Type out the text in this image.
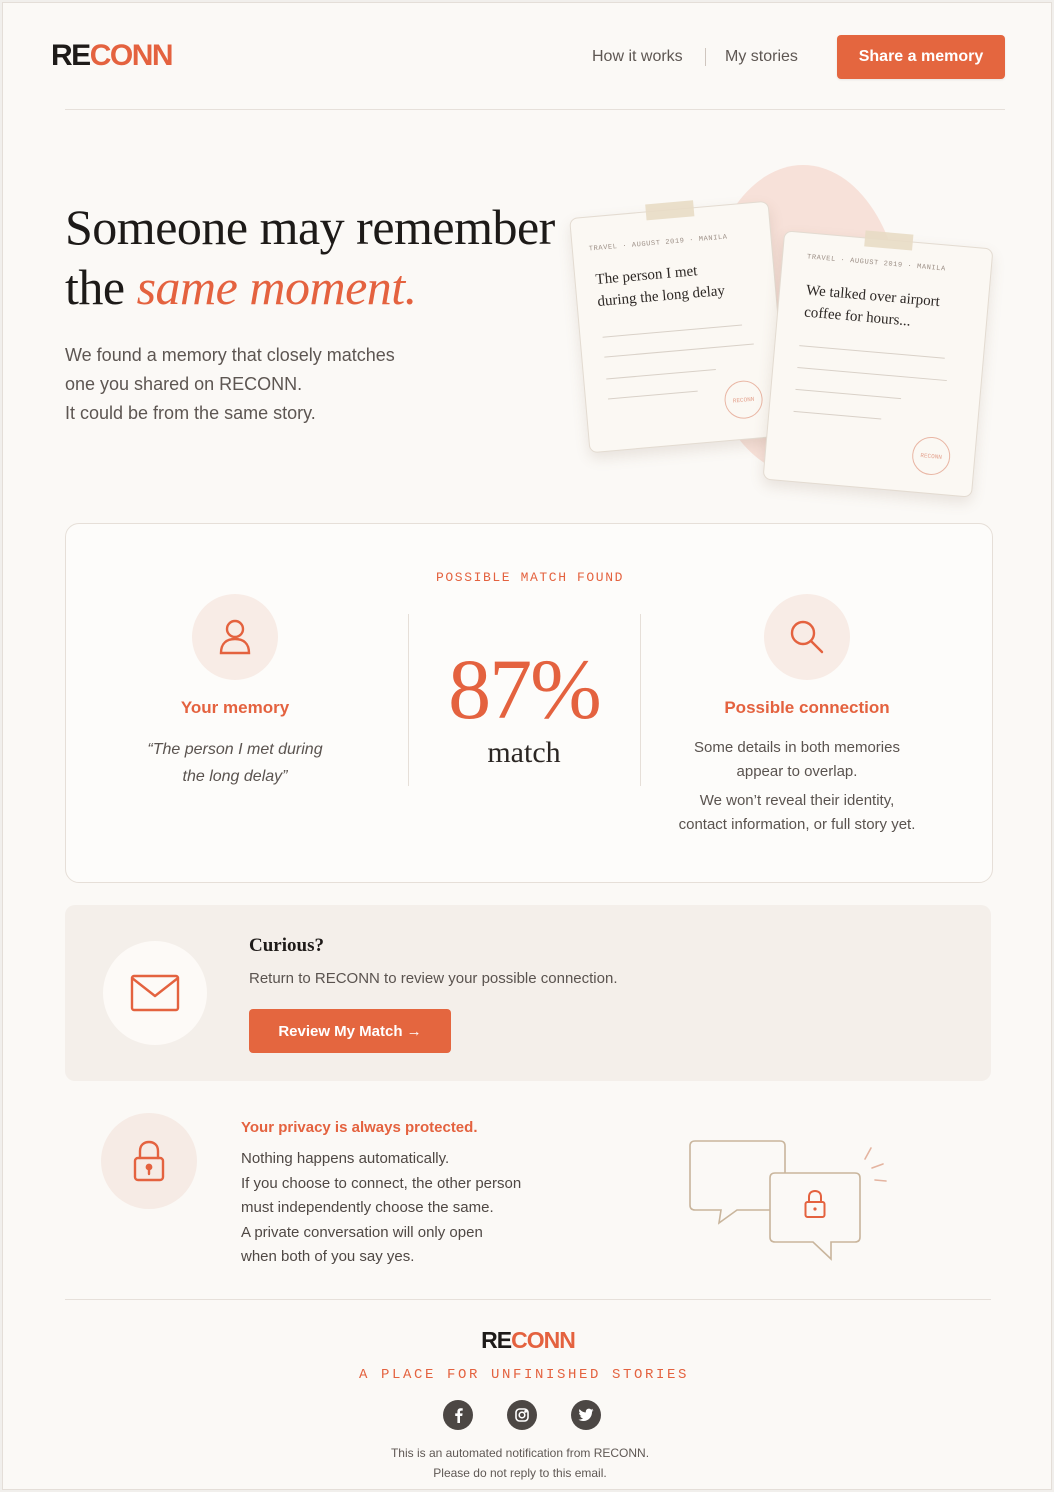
RECONN	How it works	My stories	Share a memory
Someone may remember
the same moment.
We found a memory that closely matches
one you shared on RECONN.
It could be from the same story.
TRAVEL · AUGUST 2019 · MANILA
The person I met
during the long delay
RECONN
TRAVEL · AUGUST 2019 · MANILA
We talked over airport
coffee for hours...
RECONN
POSSIBLE MATCH FOUND
Your memory
“The person I met during
the long delay”
87%
match
Possible connection
Some details in both memories
appear to overlap.
We won’t reveal their identity,
contact information, or full story yet.
Curious?
Return to RECONN to review your possible connection.
Review My Match →
Your privacy is always protected.
Nothing happens automatically.
If you choose to connect, the other person
must independently choose the same.
A private conversation will only open
when both of you say yes.
RECONN
A PLACE FOR UNFINISHED STORIES
This is an automated notification from RECONN.
Please do not reply to this email.
